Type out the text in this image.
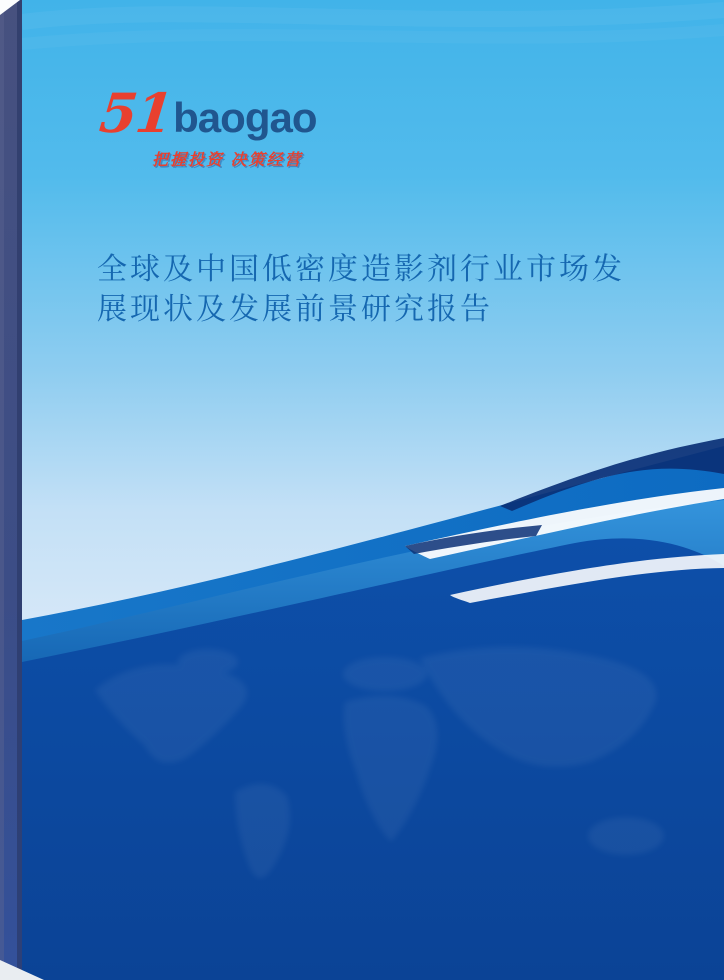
51
baogao
把握投资 决策经营
全球及中国低密度造影剂行业市场发
展现状及发展前景研究报告
